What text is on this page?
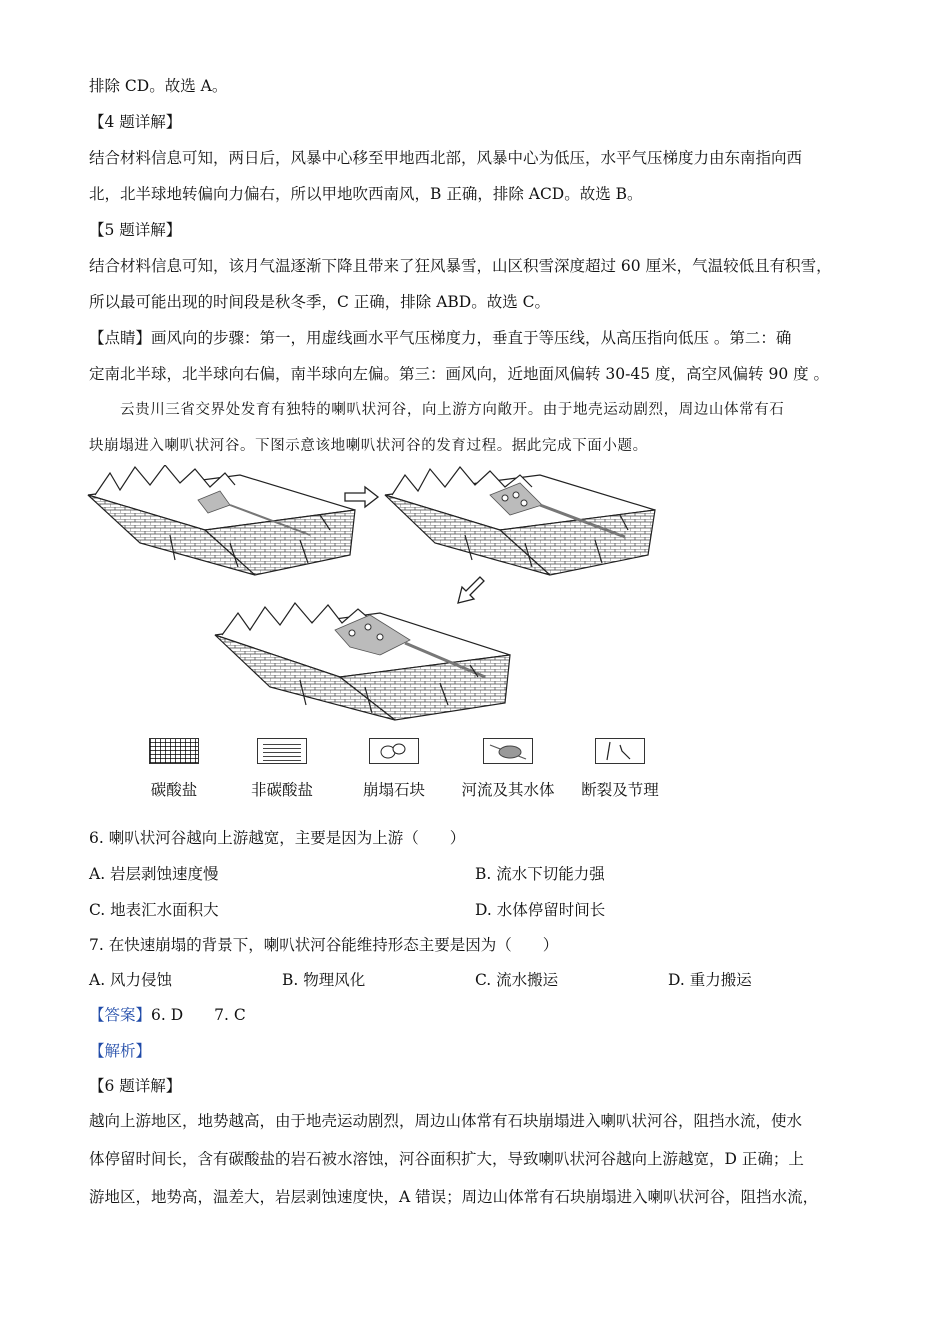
排除 CD。故选 A。
【4 题详解】
结合材料信息可知，两日后，风暴中心移至甲地西北部，风暴中心为低压，水平气压梯度力由东南指向西
北，北半球地转偏向力偏右，所以甲地吹西南风，B 正确，排除 ACD。故选 B。
【5 题详解】
结合材料信息可知，该月气温逐渐下降且带来了狂风暴雪，山区积雪深度超过 60 厘米，气温较低且有积雪，
所以最可能出现的时间段是秋冬季，C 正确，排除 ABD。故选 C。
【点睛】画风向的步骤：第一，用虚线画水平气压梯度力，垂直于等压线，从高压指向低压 。第二：确
定南北半球，北半球向右偏，南半球向左偏。第三：画风向，近地面风偏转 30-45 度，高空风偏转 90 度 。
云贵川三省交界处发育有独特的喇叭状河谷，向上游方向敞开。由于地壳运动剧烈，周边山体常有石
块崩塌进入喇叭状河谷。下图示意该地喇叭状河谷的发育过程。据此完成下面小题。
碳酸盐	非碳酸盐	崩塌石块	河流及其水体	断裂及节理
6. 喇叭状河谷越向上游越宽，主要是因为上游（　　）
A. 岩层剥蚀速度慢	B. 流水下切能力强
C. 地表汇水面积大	D. 水体停留时间长
7. 在快速崩塌的背景下，喇叭状河谷能维持形态主要是因为（　　）
A. 风力侵蚀	B. 物理风化	C. 流水搬运	D. 重力搬运
【答案】6. D　　7. C
【解析】
【6 题详解】
越向上游地区，地势越高，由于地壳运动剧烈，周边山体常有石块崩塌进入喇叭状河谷，阻挡水流，使水
体停留时间长，含有碳酸盐的岩石被水溶蚀，河谷面积扩大，导致喇叭状河谷越向上游越宽，D 正确；上
游地区，地势高，温差大，岩层剥蚀速度快，A 错误；周边山体常有石块崩塌进入喇叭状河谷，阻挡水流，
